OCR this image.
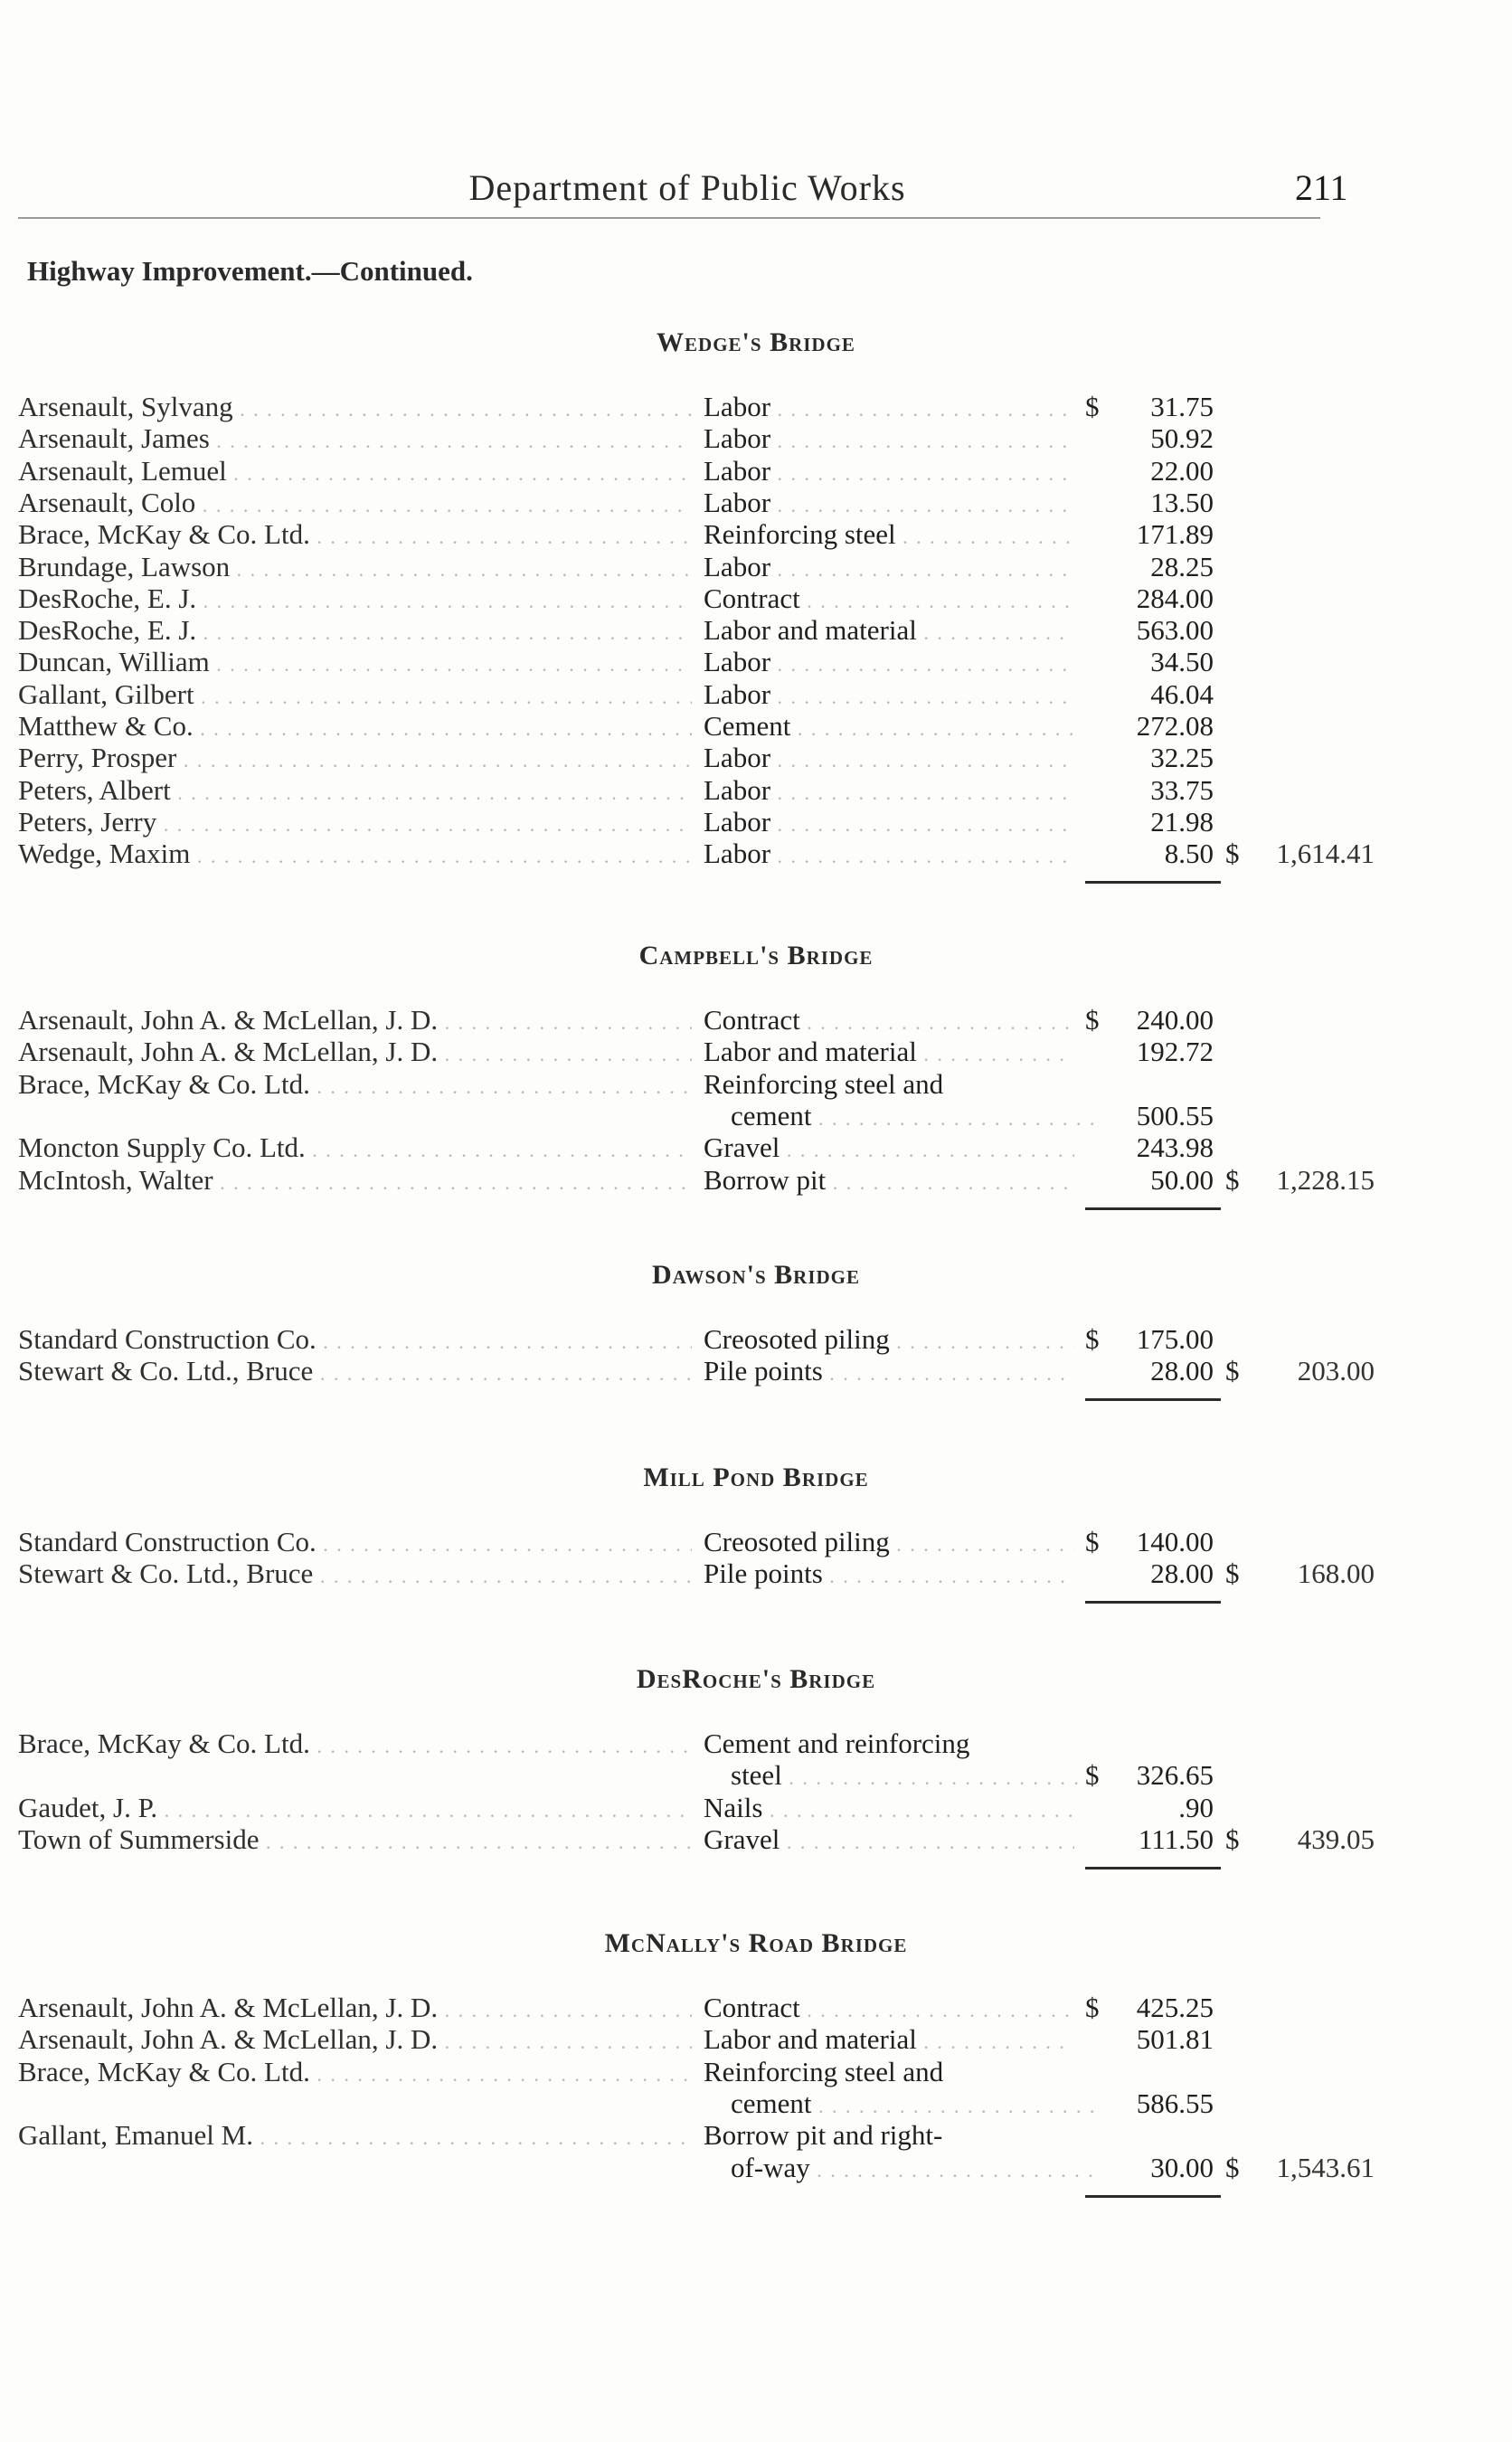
Department of Public Works	211
Highway Improvement.—Continued.
Wedge's Bridge
Arsenault, Sylvang . . .	Labor . . .	$	31.75
Arsenault, James . . .	Labor . . .	50.92
Arsenault, Lemuel . . .	Labor . . .	22.00
Arsenault, Colo . . .	Labor . . .	13.50
Brace, McKay & Co. Ltd. . . .	Reinforcing steel . . .	171.89
Brundage, Lawson . . .	Labor . . .	28.25
DesRoche, E. J. . . .	Contract . . .	284.00
DesRoche, E. J. . . .	Labor and material . . .	563.00
Duncan, William . . .	Labor . . .	34.50
Gallant, Gilbert . . .	Labor . . .	46.04
Matthew & Co. . . .	Cement . . .	272.08
Perry, Prosper . . .	Labor . . .	32.25
Peters, Albert . . .	Labor . . .	33.75
Peters, Jerry . . .	Labor . . .	21.98
Wedge, Maxim . . .	Labor . . .	8.50 $	1,614.41
Campbell's Bridge
Arsenault, John A. & McLellan, J. D. . . .	Contract . . .	$	240.00
Arsenault, John A. & McLellan, J. D. . . .	Labor and material . . .	192.72
Brace, McKay & Co. Ltd. . . .	Reinforcing steel and
cement . . .	500.55
Moncton Supply Co. Ltd. . . .	Gravel . . .	243.98
McIntosh, Walter . . .	Borrow pit . . .	50.00 $	1,228.15
Dawson's Bridge
Standard Construction Co. . . .	Creosoted piling . . .	$	175.00
Stewart & Co. Ltd., Bruce . . .	Pile points . . .	28.00 $	203.00
Mill Pond Bridge
Standard Construction Co. . . .	Creosoted piling . . .	$	140.00
Stewart & Co. Ltd., Bruce . . .	Pile points . . .	28.00 $	168.00
DesRoche's Bridge
Brace, McKay & Co. Ltd. . . .	Cement and reinforcing
steel . . .	$	326.65
Gaudet, J. P. . . .	Nails . . .	.90
Town of Summerside . . .	Gravel . . .	111.50 $	439.05
McNally's Road Bridge
Arsenault, John A. & McLellan, J. D. . . .	Contract . . .	$	425.25
Arsenault, John A. & McLellan, J. D. . . .	Labor and material . . .	501.81
Brace, McKay & Co. Ltd. . . .	Reinforcing steel and
cement . . .	586.55
Gallant, Emanuel M. . . .	Borrow pit and right-
of-way . . .	30.00 $	1,543.61
